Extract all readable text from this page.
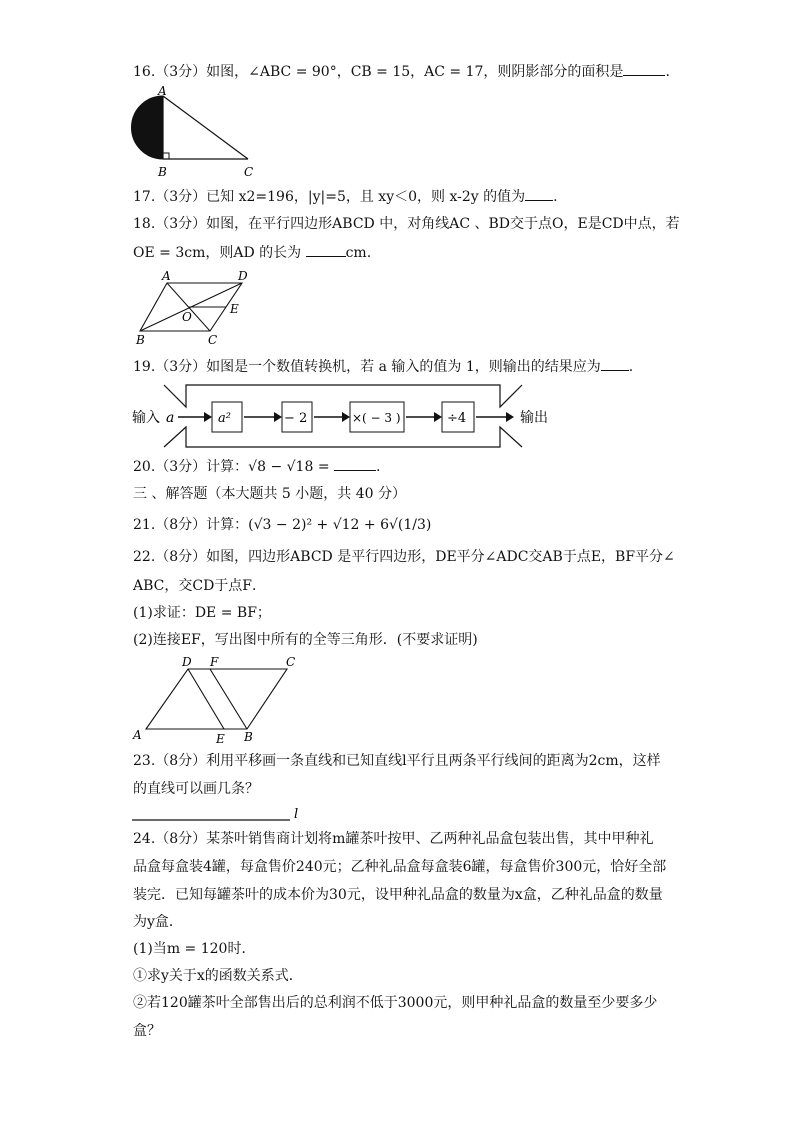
16.（3分）如图，∠ABC = 90°，CB = 15，AC = 17，则阴影部分的面积是	.
A
B	C
17.（3分）已知 x2=196，|y|=5，且 xy＜0，则 x-2y 的值为 .
18.（3分）如图，在平行四边形ABCD 中，对角线AC 、BD交于点O，E是CD中点，若
OE = 3cm，则AD 的长为	cm.
A	D
O
E
B	C
19.（3分）如图是一个数值转换机，若 a 输入的值为 1，则输出的结果应为 .
输入 a	a²	− 2	×( − 3 )	÷4	输出
20.（3分）计算：√8 − √18 =	.
三 、解答题（本大题共 5 小题，共 40 分）
21.（8分）计算：(√3 − 2)² + √12 + 6√(1/3)
22.（8分）如图，四边形ABCD 是平行四边形，DE平分∠ADC交AB于点E，BF平分∠
ABC，交CD于点F．
(1)求证：DE = BF；
(2)连接EF，写出图中所有的全等三角形．(不要求证明)
D F	C
A	E B
23.（8分）利用平移画一条直线和已知直线l平行且两条平行线间的距离为2cm，这样
的直线可以画几条？
l
24.（8分）某茶叶销售商计划将m罐茶叶按甲、乙两种礼品盒包装出售，其中甲种礼
品盒每盒装4罐，每盒售价240元；乙种礼品盒每盒装6罐，每盒售价300元，恰好全部
装完．已知每罐茶叶的成本价为30元，设甲种礼品盒的数量为x盒，乙种礼品盒的数量
为y盒．
(1)当m = 120时．
①求y关于x的函数关系式．
②若120罐茶叶全部售出后的总利润不低于3000元，则甲种礼品盒的数量至少要多少
盒？
